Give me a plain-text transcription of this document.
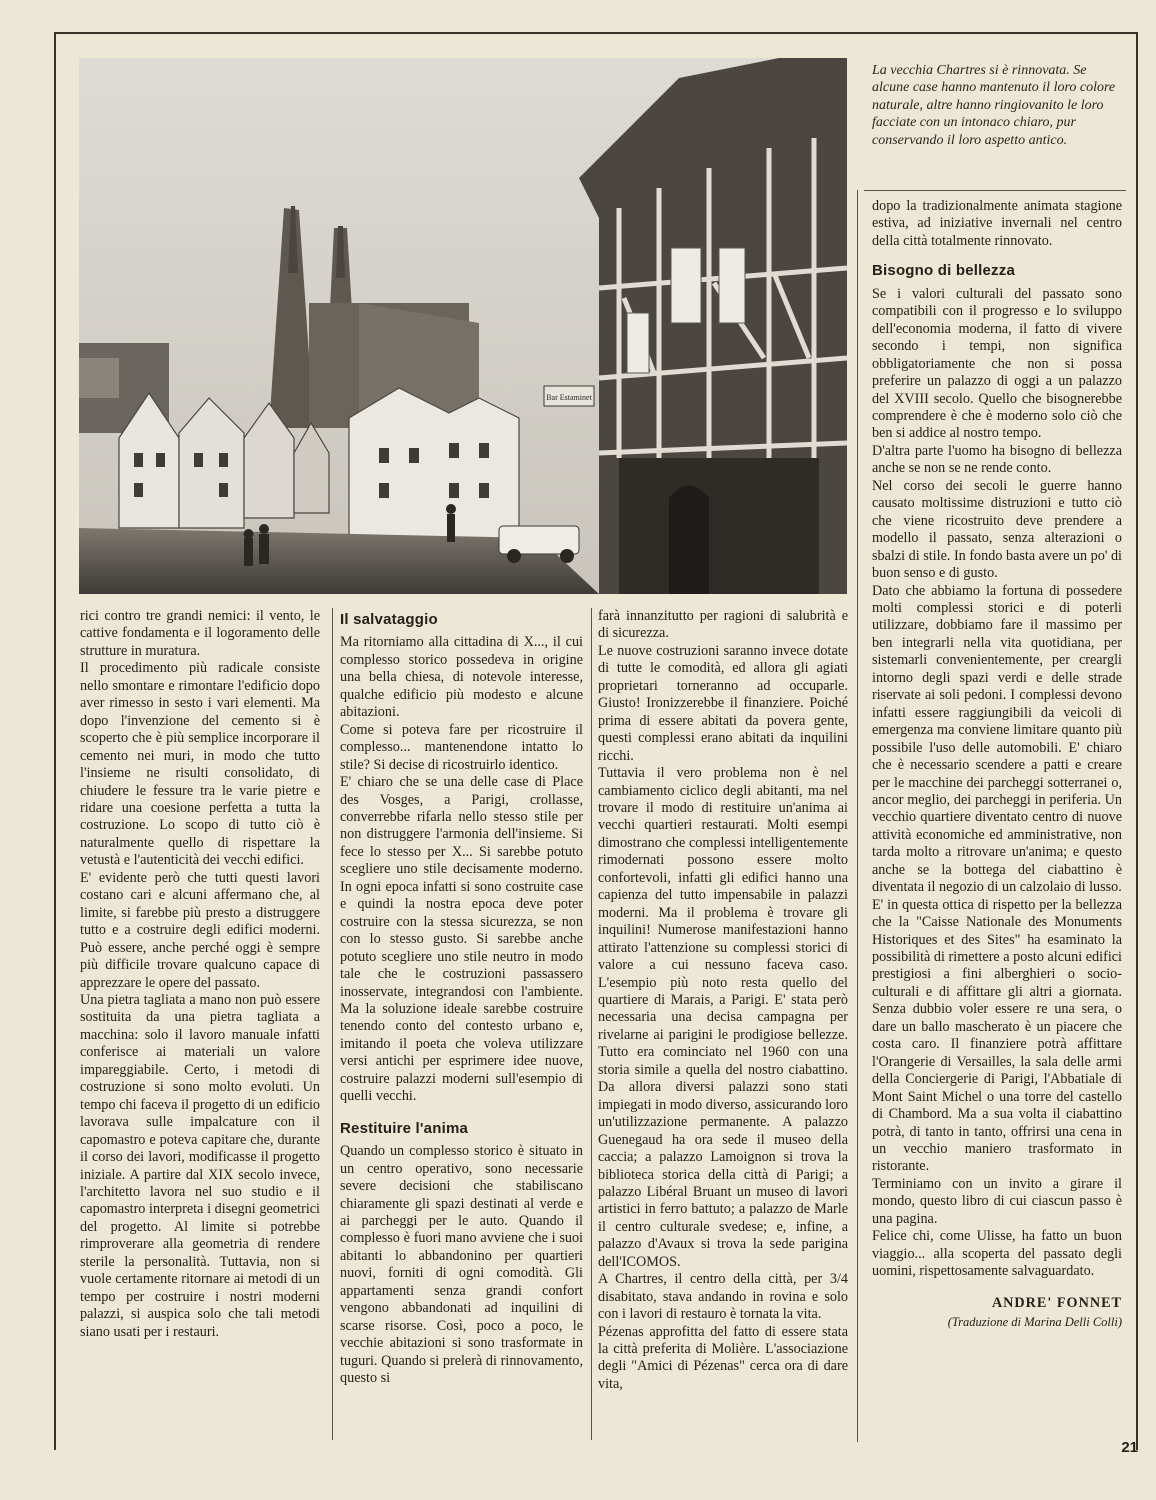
Bar Estaminet
La vecchia Chartres si è rinnovata. Se alcune case hanno mantenuto il loro colore naturale, altre hanno ringiovanito le loro facciate con un intonaco chiaro, pur conservando il loro aspetto antico.

rici contro tre grandi nemici: il vento, le cattive fondamenta e il logoramento delle strutture in muratura.

Il procedimento più radicale consiste nello smontare e rimontare l'edificio dopo aver rimesso in sesto i vari elementi. Ma dopo l'invenzione del cemento si è scoperto che è più semplice incorporare il cemento nei muri, in modo che tutto l'insieme ne risulti consolidato, di chiudere le fessure tra le varie pietre e ridare una coesione perfetta a tutta la costruzione. Lo scopo di tutto ciò è naturalmente quello di rispettare la vetustà e l'autenticità dei vecchi edifici.

E' evidente però che tutti questi lavori costano cari e alcuni affermano che, al limite, si farebbe più presto a distruggere tutto e a costruire degli edifici moderni. Può essere, anche perché oggi è sempre più difficile trovare qualcuno capace di apprezzare le opere del passato.

Una pietra tagliata a mano non può essere sostituita da una pietra tagliata a macchina: solo il lavoro manuale infatti conferisce ai materiali un valore impareggiabile. Certo, i metodi di costruzione si sono molto evoluti. Un tempo chi faceva il progetto di un edificio lavorava sulle impalcature con il capomastro e poteva capitare che, durante il corso dei lavori, modificasse il progetto iniziale. A partire dal XIX secolo invece, l'architetto lavora nel suo studio e il capomastro interpreta i disegni geometrici del progetto. Al limite si potrebbe rimproverare alla geometria di rendere sterile la personalità. Tuttavia, non si vuole certamente ritornare ai metodi di un tempo per costruire i nostri moderni palazzi, si auspica solo che tali metodi siano usati per i restauri.

Il salvataggio

Ma ritorniamo alla cittadina di X..., il cui complesso storico possedeva in origine una bella chiesa, di notevole interesse, qualche edificio più modesto e alcune abitazioni.

Come si poteva fare per ricostruire il complesso... mantenendone intatto lo stile? Si decise di ricostruirlo identico.

E' chiaro che se una delle case di Place des Vosges, a Parigi, crollasse, converrebbe rifarla nello stesso stile per non distruggere l'armonia dell'insieme. Si fece lo stesso per X... Si sarebbe potuto scegliere uno stile decisamente moderno. In ogni epoca infatti si sono costruite case e quindi la nostra epoca deve poter costruire con la stessa sicurezza, se non con lo stesso gusto. Si sarebbe anche potuto scegliere uno stile neutro in modo tale che le costruzioni passassero inosservate, integrandosi con l'ambiente. Ma la soluzione ideale sarebbe costruire tenendo conto del contesto urbano e, imitando il poeta che voleva utilizzare versi antichi per esprimere idee nuove, costruire palazzi moderni sull'esempio di quelli vecchi.

Restituire l'anima

Quando un complesso storico è situato in un centro operativo, sono necessarie severe decisioni che stabiliscano chiaramente gli spazi destinati al verde e ai parcheggi per le auto. Quando il complesso è fuori mano avviene che i suoi abitanti lo abbandonino per quartieri nuovi, forniti di ogni comodità. Gli appartamenti senza grandi confort vengono abbandonati ad inquilini di scarse risorse. Così, poco a poco, le vecchie abitazioni si sono trasformate in tuguri. Quando si prelerà di rinnovamento, questo si

farà innanzitutto per ragioni di salubrità e di sicurezza.

Le nuove costruzioni saranno invece dotate di tutte le comodità, ed allora gli agiati proprietari torneranno ad occuparle. Giusto! Ironizzerebbe il finanziere. Poiché prima di essere abitati da povera gente, questi complessi erano abitati da inquilini ricchi.

Tuttavia il vero problema non è nel cambiamento ciclico degli abitanti, ma nel trovare il modo di restituire un'anima ai vecchi quartieri restaurati. Molti esempi dimostrano che complessi intelligentemente rimodernati possono essere molto confortevoli, infatti gli edifici hanno una capienza del tutto impensabile in palazzi moderni. Ma il problema è trovare gli inquilini! Numerose manifestazioni hanno attirato l'attenzione su complessi storici di valore a cui nessuno faceva caso. L'esempio più noto resta quello del quartiere di Marais, a Parigi. E' stata però necessaria una decisa campagna per rivelarne ai parigini le prodigiose bellezze. Tutto era cominciato nel 1960 con una storia simile a quella del nostro ciabattino. Da allora diversi palazzi sono stati impiegati in modo diverso, assicurando loro un'utilizzazione permanente. A palazzo Guenegaud ha ora sede il museo della caccia; a palazzo Lamoignon si trova la biblioteca storica della città di Parigi; a palazzo Libéral Bruant un museo di lavori artistici in ferro battuto; a palazzo de Marle il centro culturale svedese; e, infine, a palazzo d'Avaux si trova la sede parigina dell'ICOMOS.

A Chartres, il centro della città, per 3/4 disabitato, stava andando in rovina e solo con i lavori di restauro è tornata la vita.

Pézenas approfitta del fatto di essere stata la città preferita di Molière. L'associazione degli "Amici di Pézenas" cerca ora di dare vita,

dopo la tradizionalmente animata stagione estiva, ad iniziative invernali nel centro della città totalmente rinnovato.

Bisogno di bellezza

Se i valori culturali del passato sono compatibili con il progresso e lo sviluppo dell'economia moderna, il fatto di vivere secondo i tempi, non significa obbligatoriamente che non si possa preferire un palazzo di oggi a un palazzo del XVIII secolo. Quello che bisognerebbe comprendere è che è moderno solo ciò che ben si addice al nostro tempo.

D'altra parte l'uomo ha bisogno di bellezza anche se non se ne rende conto.

Nel corso dei secoli le guerre hanno causato moltissime distruzioni e tutto ciò che viene ricostruito deve prendere a modello il passato, senza alterazioni o sbalzi di stile. In fondo basta avere un po' di buon senso e di gusto.

Dato che abbiamo la fortuna di possedere molti complessi storici e di poterli utilizzare, dobbiamo fare il massimo per ben integrarli nella vita quotidiana, per sistemarli convenientemente, per creargli intorno degli spazi verdi e delle strade riservate ai soli pedoni. I complessi devono infatti essere raggiungibili da veicoli di emergenza ma conviene limitare quanto più possibile l'uso delle automobili. E' chiaro che è necessario scendere a patti e creare per le macchine dei parcheggi sotterranei o, ancor meglio, dei parcheggi in periferia. Un vecchio quartiere diventato centro di nuove attività economiche ed amministrative, non tarda molto a ritrovare un'anima; e questo anche se la bottega del ciabattino è diventata il negozio di un calzolaio di lusso.

E' in questa ottica di rispetto per la bellezza che la "Caisse Nationale des Monuments Historiques et des Sites" ha esaminato la possibilità di rimettere a posto alcuni edifici prestigiosi a fini alberghieri o socio-culturali e di affittare gli altri a giornata. Senza dubbio voler essere re una sera, o dare un ballo mascherato è un piacere che costa caro. Il finanziere potrà affittare l'Orangerie di Versailles, la sala delle armi della Conciergerie di Parigi, l'Abbatiale di Mont Saint Michel o una torre del castello di Chambord. Ma a sua volta il ciabattino potrà, di tanto in tanto, offrirsi una cena in un vecchio maniero trasformato in ristorante.

Terminiamo con un invito a girare il mondo, questo libro di cui ciascun passo è una pagina.

Felice chi, come Ulisse, ha fatto un buon viaggio... alla scoperta del passato degli uomini, rispettosamente salvaguardato.

ANDRE' FONNET

(Traduzione di Marina Delli Colli)

21
